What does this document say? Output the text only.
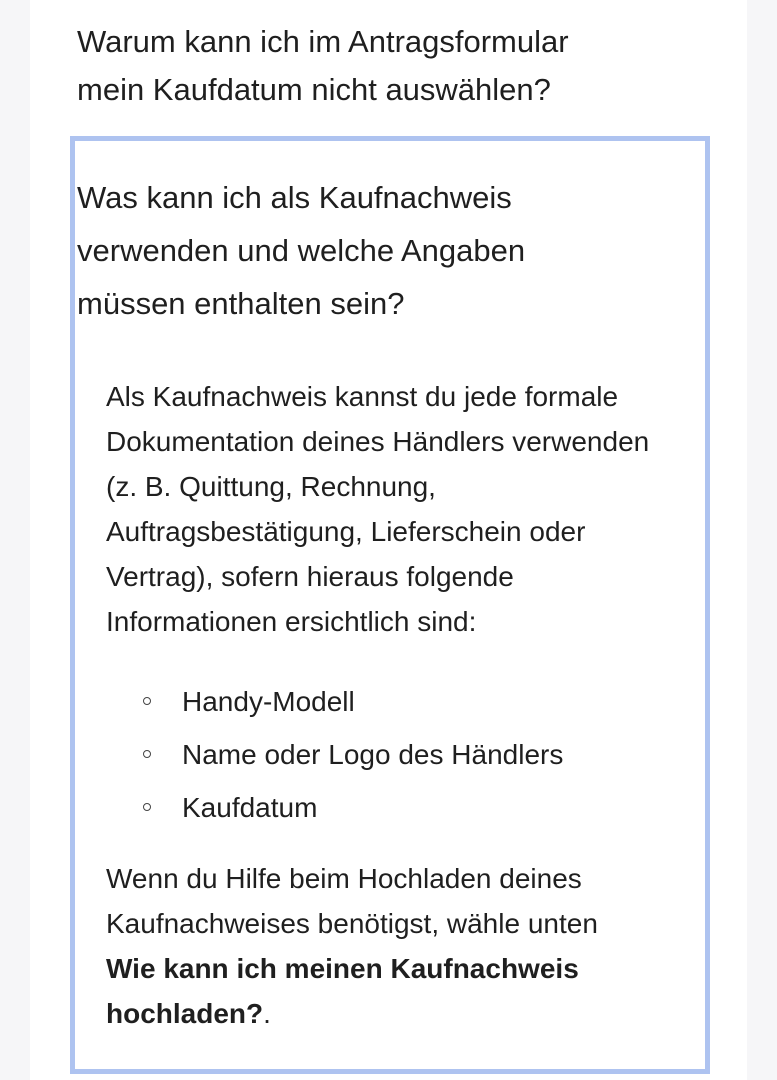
Warum kann ich im Antragsformular
mein Kaufdatum nicht auswählen?
Was kann ich als Kaufnachweis
verwenden und welche Angaben
müssen enthalten sein?

Als Kaufnachweis kannst du jede formale
Dokumentation deines Händlers verwenden
(z. B. Quittung, Rechnung,
Auftragsbestätigung, Lieferschein oder
Vertrag), sofern hieraus folgende
Informationen ersichtlich sind:

Handy-Modell
Name oder Logo des Händlers
Kaufdatum

Wenn du Hilfe beim Hochladen deines
Kaufnachweises benötigst, wähle unten
Wie kann ich meinen Kaufnachweis
hochladen?.
